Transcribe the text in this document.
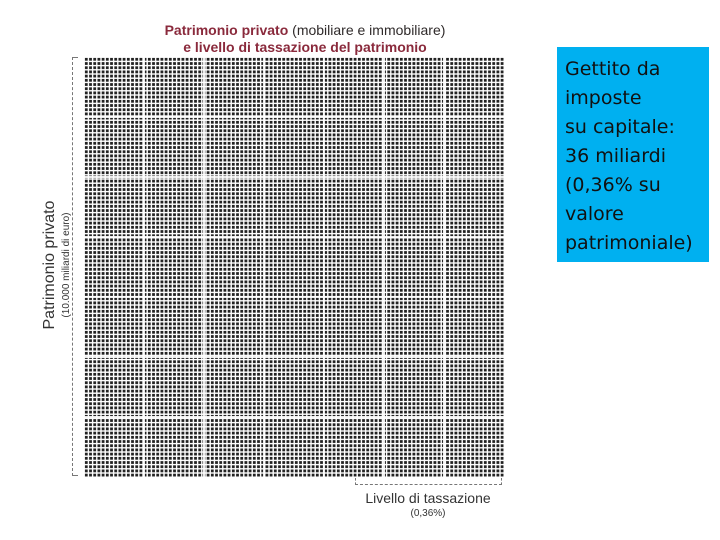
Patrimonio privato (mobiliare e immobiliare)
e livello di tassazione del patrimonio
Patrimonio privato (10.000 miliardi di euro)
Livello di tassazione
(0,36%)
Gettito da
imposte
su capitale:
36 miliardi
(0,36% su
valore
patrimoniale)
